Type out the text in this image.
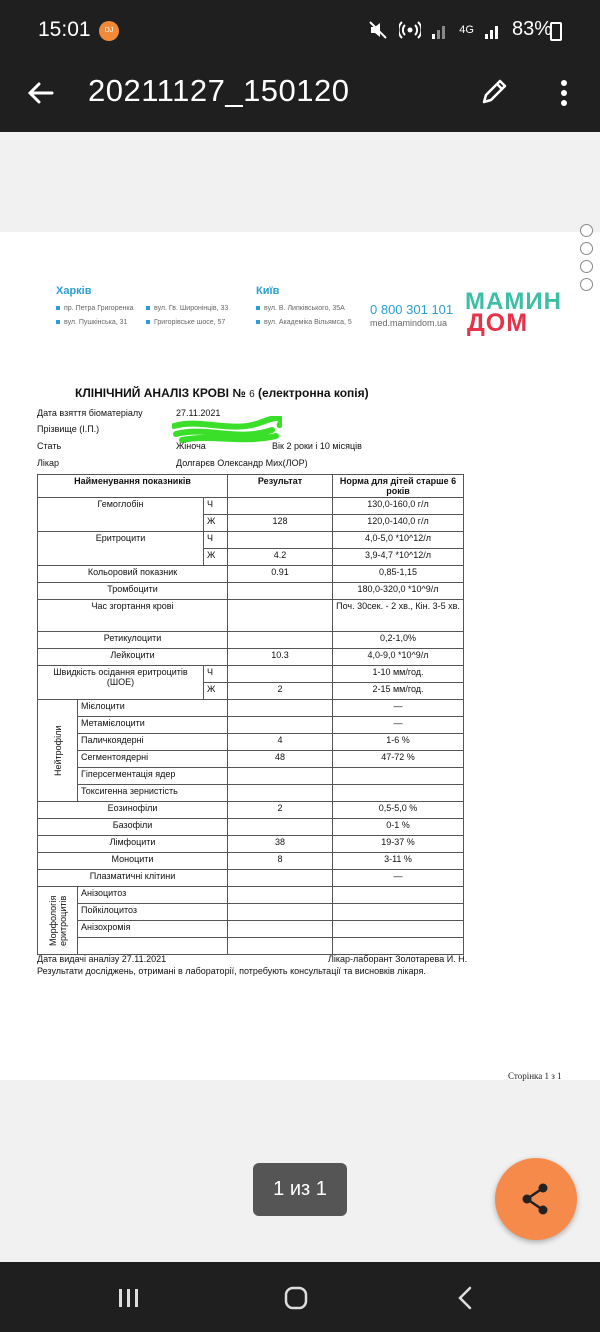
15:01	DJ	4G 83%
20211127_150120
Харків
пр. Петра Григоренка	вул. Гв. Широнінців, 33
вул. Пушкінська, 31	Григорівське шосе, 57
Київ
вул. В. Липківського, 35А
вул. Академіка Вільямса, 5
0 800 301 101
med.mamindom.ua
МАМИН
ДОМ
КЛІНІЧНИЙ АНАЛІЗ КРОВІ № 6 (електронна копія)
Дата взяття біоматеріалу	27.11.2021
Прізвище (І.П.)
Стать	Жіноча	Вік 2 роки і 10 місяців
Лікар	Долгарєв Олександр Мих(ЛОР)
Найменування показників			Результат	Норма для дітей старше 6 років
Гемоглобін		Ч		130,0-160,0 г/л
		Ж	128	120,0-140,0 г/л
Еритроцити		Ч		4,0-5,0 *10^12/л
		Ж	4.2	3,9-4,7 *10^12/л
Кольоровий показник			0.91	0,85-1,15
Тромбоцити				180,0-320,0 *10^9/л
Час згортання крові				Поч. 30сек. - 2 хв., Кін. 3-5 хв.
Ретикулоцити				0,2-1,0%
Лейкоцити			10.3	4,0-9,0 *10^9/л
Швидкість осідання еритроцитів (ШОЕ)		Ч		1-10 мм/год.
		Ж	2	2-15 мм/год.
Нейтрофіли	Мієлоцити			—
	Метамієлоцити			—
	Паличкоядерні		4	1-6 %
	Сегментоядерні		48	47-72 %
	Гіперсегментація ядер			
	Токсигенна зернистість			
Еозинофіли			2	0,5-5,0 %
Базофіли				0-1 %
Лімфоцити			38	19-37 %
Моноцити			8	3-11 %
Плазматичні клітини				—
Морфологія еритроцитів	Анізоцитоз			
	Пойкілоцитоз			
	Анізохромія			

Дата видачі аналізу 27.11.2021	Лікар-лаборант Золотарева И. Н.
Результати досліджень, отримані в лабораторії, потребують консультації та висновків лікаря.
Сторінка 1 з 1
1 из 1
